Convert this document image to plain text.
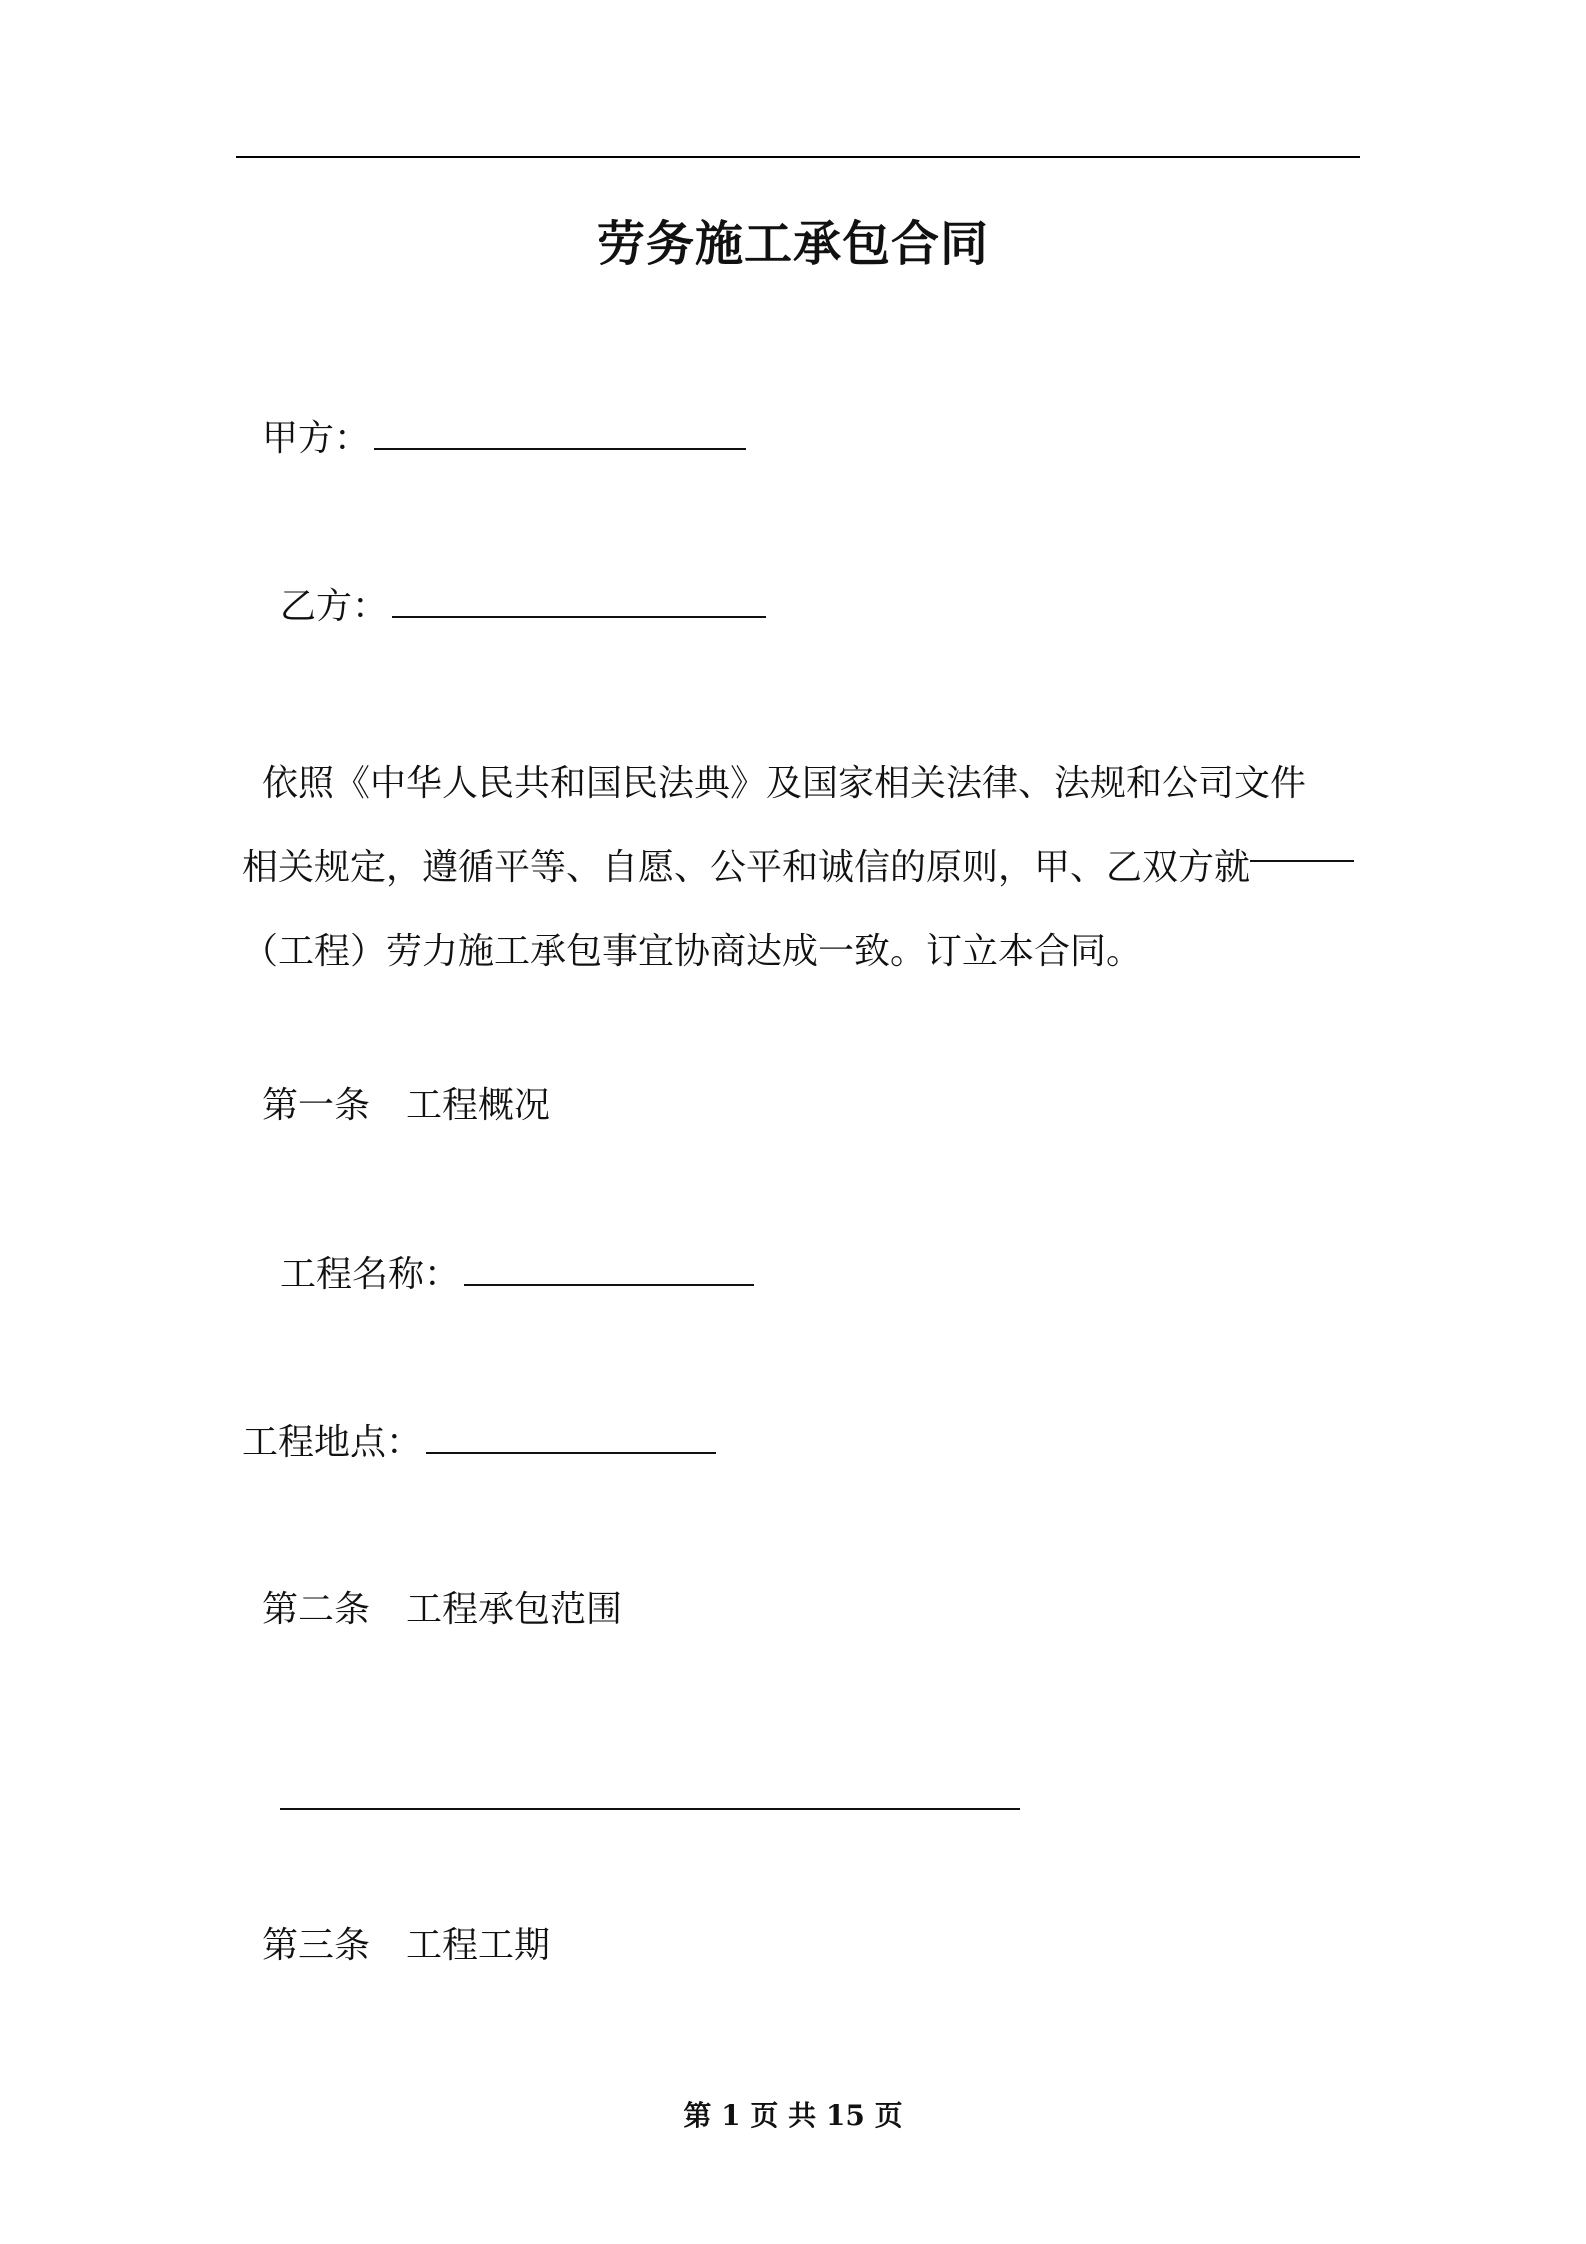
劳务施工承包合同
甲方：
乙方：
依照《中华人民共和国民法典》及国家相关法律、法规和公司文件
相关规定，遵循平等、自愿、公平和诚信的原则，甲、乙双方就
（工程）劳力施工承包事宜协商达成一致。订立本合同。
第一条 工程概况
工程名称：
工程地点：
第二条 工程承包范围
第三条 工程工期
第 1 页 共 15 页
